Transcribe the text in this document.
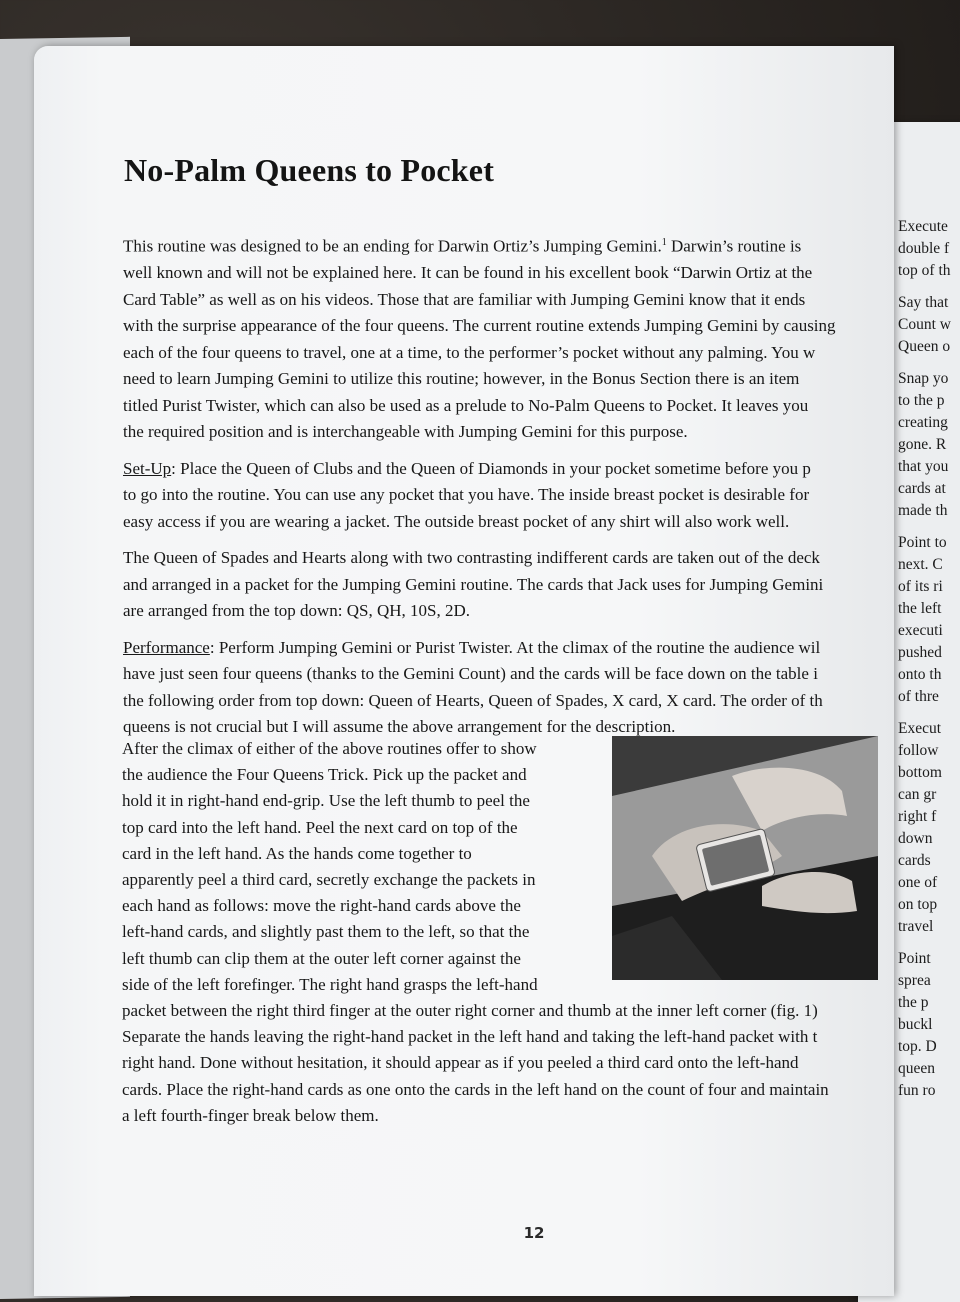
Execute
double f
top of th
Say that
Count w
Queen o
Snap yo
to the p
creating
gone. R
that you
cards at
made th
Point to
next. C
of its ri
the left
executi
pushed
onto th
of thre
Execut
follow
bottom
can gr
right f
down
cards
one of
on top
travel
Point
sprea
the p
buckl
top. D
queen
fun ro
No-Palm Queens to Pocket
This routine was designed to be an ending for Darwin Ortiz’s Jumping Gemini.$^1$ Darwin’s routine is
well known and will not be explained here. It can be found in his excellent book “Darwin Ortiz at the
Card Table” as well as on his videos. Those that are familiar with Jumping Gemini know that it ends
with the surprise appearance of the four queens. The current routine extends Jumping Gemini by causing
each of the four queens to travel, one at a time, to the performer’s pocket without any palming. You w
need to learn Jumping Gemini to utilize this routine; however, in the Bonus Section there is an item
titled Purist Twister, which can also be used as a prelude to No-Palm Queens to Pocket. It leaves you
the required position and is interchangeable with Jumping Gemini for this purpose.
Set-Up: Place the Queen of Clubs and the Queen of Diamonds in your pocket sometime before you p
to go into the routine. You can use any pocket that you have. The inside breast pocket is desirable for
easy access if you are wearing a jacket. The outside breast pocket of any shirt will also work well.
The Queen of Spades and Hearts along with two contrasting indifferent cards are taken out of the deck
and arranged in a packet for the Jumping Gemini routine. The cards that Jack uses for Jumping Gemini
are arranged from the top down: QS, QH, 10S, 2D.
Performance: Perform Jumping Gemini or Purist Twister. At the climax of the routine the audience wil
have just seen four queens (thanks to the Gemini Count) and the cards will be face down on the table i
the following order from top down: Queen of Hearts, Queen of Spades, X card, X card. The order of th
queens is not crucial but I will assume the above arrangement for the description.
After the climax of either of the above routines offer to show
the audience the Four Queens Trick. Pick up the packet and
hold it in right-hand end-grip. Use the left thumb to peel the
top card into the left hand. Peel the next card on top of the
card in the left hand. As the hands come together to
apparently peel a third card, secretly exchange the packets in
each hand as follows: move the right-hand cards above the
left-hand cards, and slightly past them to the left, so that the
left thumb can clip them at the outer left corner against the
side of the left forefinger. The right hand grasps the left-hand
packet between the right third finger at the outer right corner and thumb at the inner left corner (fig. 1)
Separate the hands leaving the right-hand packet in the left hand and taking the left-hand packet with t
right hand. Done without hesitation, it should appear as if you peeled a third card onto the left-hand
cards. Place the right-hand cards as one onto the cards in the left hand on the count of four and maintain
a left fourth-finger break below them.
12
